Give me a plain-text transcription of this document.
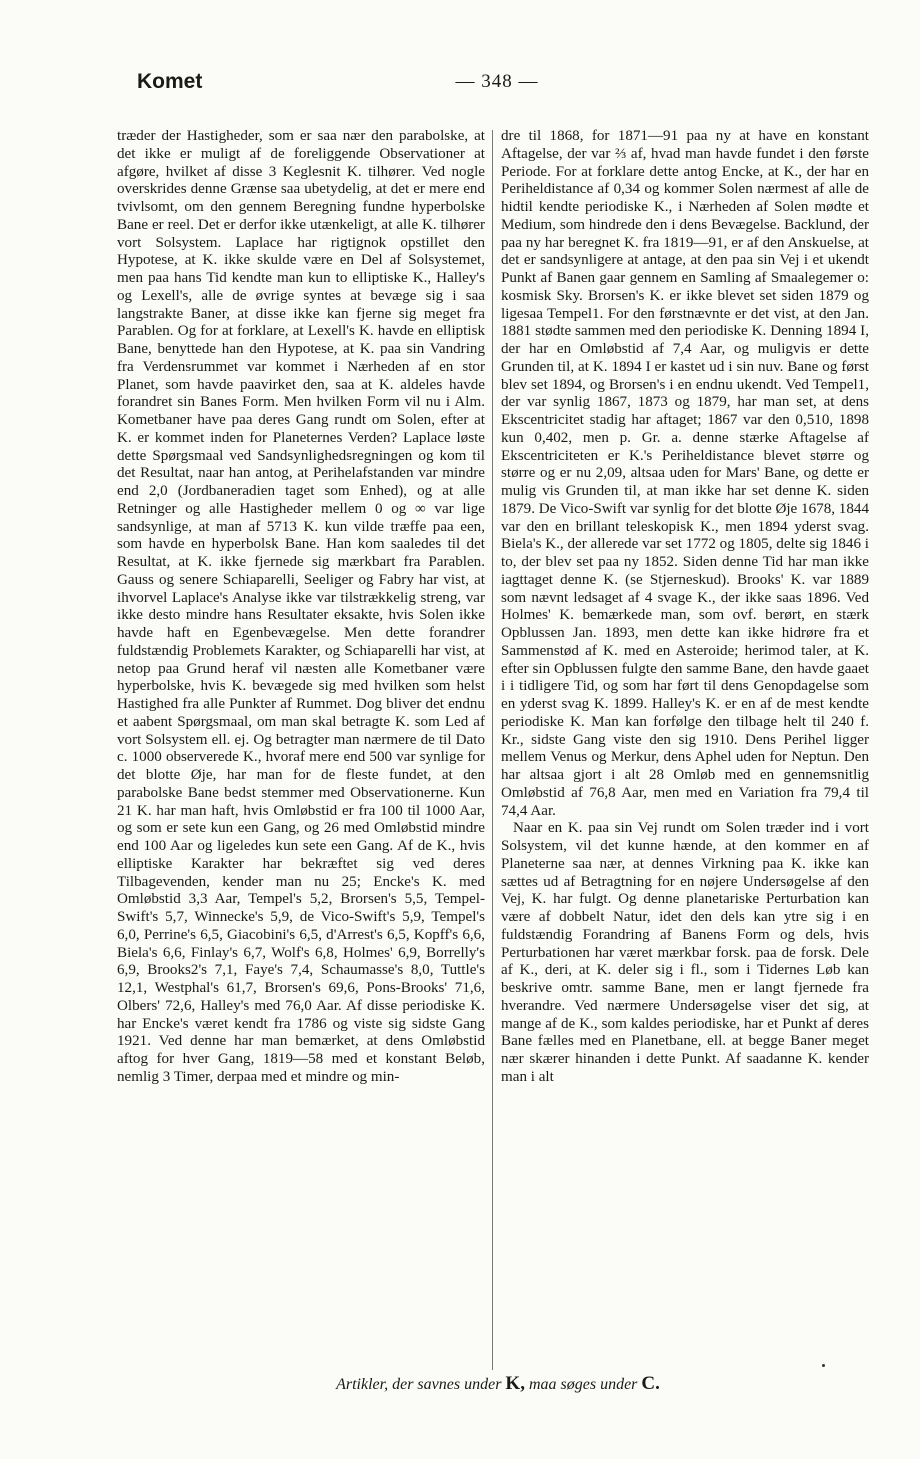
Komet	— 348 —

træder der Hastigheder, som er saa nær den parabolske, at det ikke er muligt af de foreliggende Observationer at afgøre, hvilket af disse 3 Keglesnit K. tilhører. Ved nogle overskrides denne Grænse saa ubetydelig, at det er mere end tvivlsomt, om den gennem Beregning fundne hyperbolske Bane er reel. Det er derfor ikke utænkeligt, at alle K. tilhører vort Solsystem. Laplace har rigtignok opstillet den Hypotese, at K. ikke skulde være en Del af Solsystemet, men paa hans Tid kendte man kun to elliptiske K., Halley's og Lexell's, alle de øvrige syntes at bevæge sig i saa langstrakte Baner, at disse ikke kan fjerne sig meget fra Parablen. Og for at forklare, at Lexell's K. havde en elliptisk Bane, benyttede han den Hypotese, at K. paa sin Vandring fra Verdensrummet var kommet i Nærheden af en stor Planet, som havde paavirket den, saa at K. aldeles havde forandret sin Banes Form. Men hvilken Form vil nu i Alm. Kometbaner have paa deres Gang rundt om Solen, efter at K. er kommet inden for Planeternes Verden? Laplace løste dette Spørgsmaal ved Sandsynlighedsregningen og kom til det Resultat, naar han antog, at Perihelafstanden var mindre end 2,0 (Jordbaneradien taget som Enhed), og at alle Retninger og alle Hastigheder mellem 0 og ∞ var lige sandsynlige, at man af 5713 K. kun vilde træffe paa een, som havde en hyperbolsk Bane. Han kom saaledes til det Resultat, at K. ikke fjernede sig mærkbart fra Parablen. Gauss og senere Schiaparelli, Seeliger og Fabry har vist, at ihvorvel Laplace's Analyse ikke var tilstrækkelig streng, var ikke desto mindre hans Resultater eksakte, hvis Solen ikke havde haft en Egenbevægelse. Men dette forandrer fuldstændig Problemets Karakter, og Schiaparelli har vist, at netop paa Grund heraf vil næsten alle Kometbaner være hyperbolske, hvis K. bevægede sig med hvilken som helst Hastighed fra alle Punkter af Rummet. Dog bliver det endnu et aabent Spørgsmaal, om man skal betragte K. som Led af vort Solsystem ell. ej. Og betragter man nærmere de til Dato c. 1000 observerede K., hvoraf mere end 500 var synlige for det blotte Øje, har man for de fleste fundet, at den parabolske Bane bedst stemmer med Observationerne. Kun 21 K. har man haft, hvis Omløbstid er fra 100 til 1000 Aar, og som er sete kun een Gang, og 26 med Omløbstid mindre end 100 Aar og ligeledes kun sete een Gang. Af de K., hvis elliptiske Karakter har bekræftet sig ved deres Tilbagevenden, kender man nu 25; Encke's K. med Omløbstid 3,3 Aar, Tempel's 5,2, Brorsen's 5,5, Tempel-Swift's 5,7, Winnecke's 5,9, de Vico-Swift's 5,9, Tempel's 6,0, Perrine's 6,5, Giacobini's 6,5, d'Arrest's 6,5, Kopff's 6,6, Biela's 6,6, Finlay's 6,7, Wolf's 6,8, Holmes' 6,9, Borrelly's 6,9, Brooks2's 7,1, Faye's 7,4, Schaumasse's 8,0, Tuttle's 12,1, Westphal's 61,7, Brorsen's 69,6, Pons-Brooks' 71,6, Olbers' 72,6, Halley's med 76,0 Aar. Af disse periodiske K. har Encke's været kendt fra 1786 og viste sig sidste Gang 1921. Ved denne har man bemærket, at dens Omløbstid aftog for hver Gang, 1819—58 med et konstant Beløb, nemlig 3 Timer, derpaa med et mindre og min-

dre til 1868, for 1871—91 paa ny at have en konstant Aftagelse, der var ⅔ af, hvad man havde fundet i den første Periode. For at forklare dette antog Encke, at K., der har en Periheldistance af 0,34 og kommer Solen nærmest af alle de hidtil kendte periodiske K., i Nærheden af Solen mødte et Medium, som hindrede den i dens Bevægelse. Backlund, der paa ny har beregnet K. fra 1819—91, er af den Anskuelse, at det er sandsynligere at antage, at den paa sin Vej i et ukendt Punkt af Banen gaar gennem en Samling af Smaalegemer o: kosmisk Sky. Brorsen's K. er ikke blevet set siden 1879 og ligesaa Tempel1. For den førstnævnte er det vist, at den Jan. 1881 stødte sammen med den periodiske K. Denning 1894 I, der har en Omløbstid af 7,4 Aar, og muligvis er dette Grunden til, at K. 1894 I er kastet ud i sin nuv. Bane og først blev set 1894, og Brorsen's i en endnu ukendt. Ved Tempel1, der var synlig 1867, 1873 og 1879, har man set, at dens Ekscentricitet stadig har aftaget; 1867 var den 0,510, 1898 kun 0,402, men p. Gr. a. denne stærke Aftagelse af Ekscentriciteten er K.'s Periheldistance blevet større og større og er nu 2,09, altsaa uden for Mars' Bane, og dette er mulig vis Grunden til, at man ikke har set denne K. siden 1879. De Vico-Swift var synlig for det blotte Øje 1678, 1844 var den en brillant teleskopisk K., men 1894 yderst svag. Biela's K., der allerede var set 1772 og 1805, delte sig 1846 i to, der blev set paa ny 1852. Siden denne Tid har man ikke iagttaget denne K. (se Stjerneskud). Brooks' K. var 1889 som nævnt ledsaget af 4 svage K., der ikke saas 1896. Ved Holmes' K. bemærkede man, som ovf. berørt, en stærk Opblussen Jan. 1893, men dette kan ikke hidrøre fra et Sammenstød af K. med en Asteroide; herimod taler, at K. efter sin Opblussen fulgte den samme Bane, den havde gaaet i i tidligere Tid, og som har ført til dens Genopdagelse som en yderst svag K. 1899. Halley's K. er en af de mest kendte periodiske K. Man kan forfølge den tilbage helt til 240 f. Kr., sidste Gang viste den sig 1910. Dens Perihel ligger mellem Venus og Merkur, dens Aphel uden for Neptun. Den har altsaa gjort i alt 28 Omløb med en gennemsnitlig Omløbstid af 76,8 Aar, men med en Variation fra 79,4 til 74,4 Aar.

Naar en K. paa sin Vej rundt om Solen træder ind i vort Solsystem, vil det kunne hænde, at den kommer en af Planeterne saa nær, at dennes Virkning paa K. ikke kan sættes ud af Betragtning for en nøjere Undersøgelse af den Vej, K. har fulgt. Og denne planetariske Perturbation kan være af dobbelt Natur, idet den dels kan ytre sig i en fuldstændig Forandring af Banens Form og dels, hvis Perturbationen har været mærkbar forsk. paa de forsk. Dele af K., deri, at K. deler sig i fl., som i Tidernes Løb kan beskrive omtr. samme Bane, men er langt fjernede fra hverandre. Ved nærmere Undersøgelse viser det sig, at mange af de K., som kaldes periodiske, har et Punkt af deres Bane fælles med en Planetbane, ell. at begge Baner meget nær skærer hinanden i dette Punkt. Af saadanne K. kender man i alt

Artikler, der savnes under K, maa søges under C.
